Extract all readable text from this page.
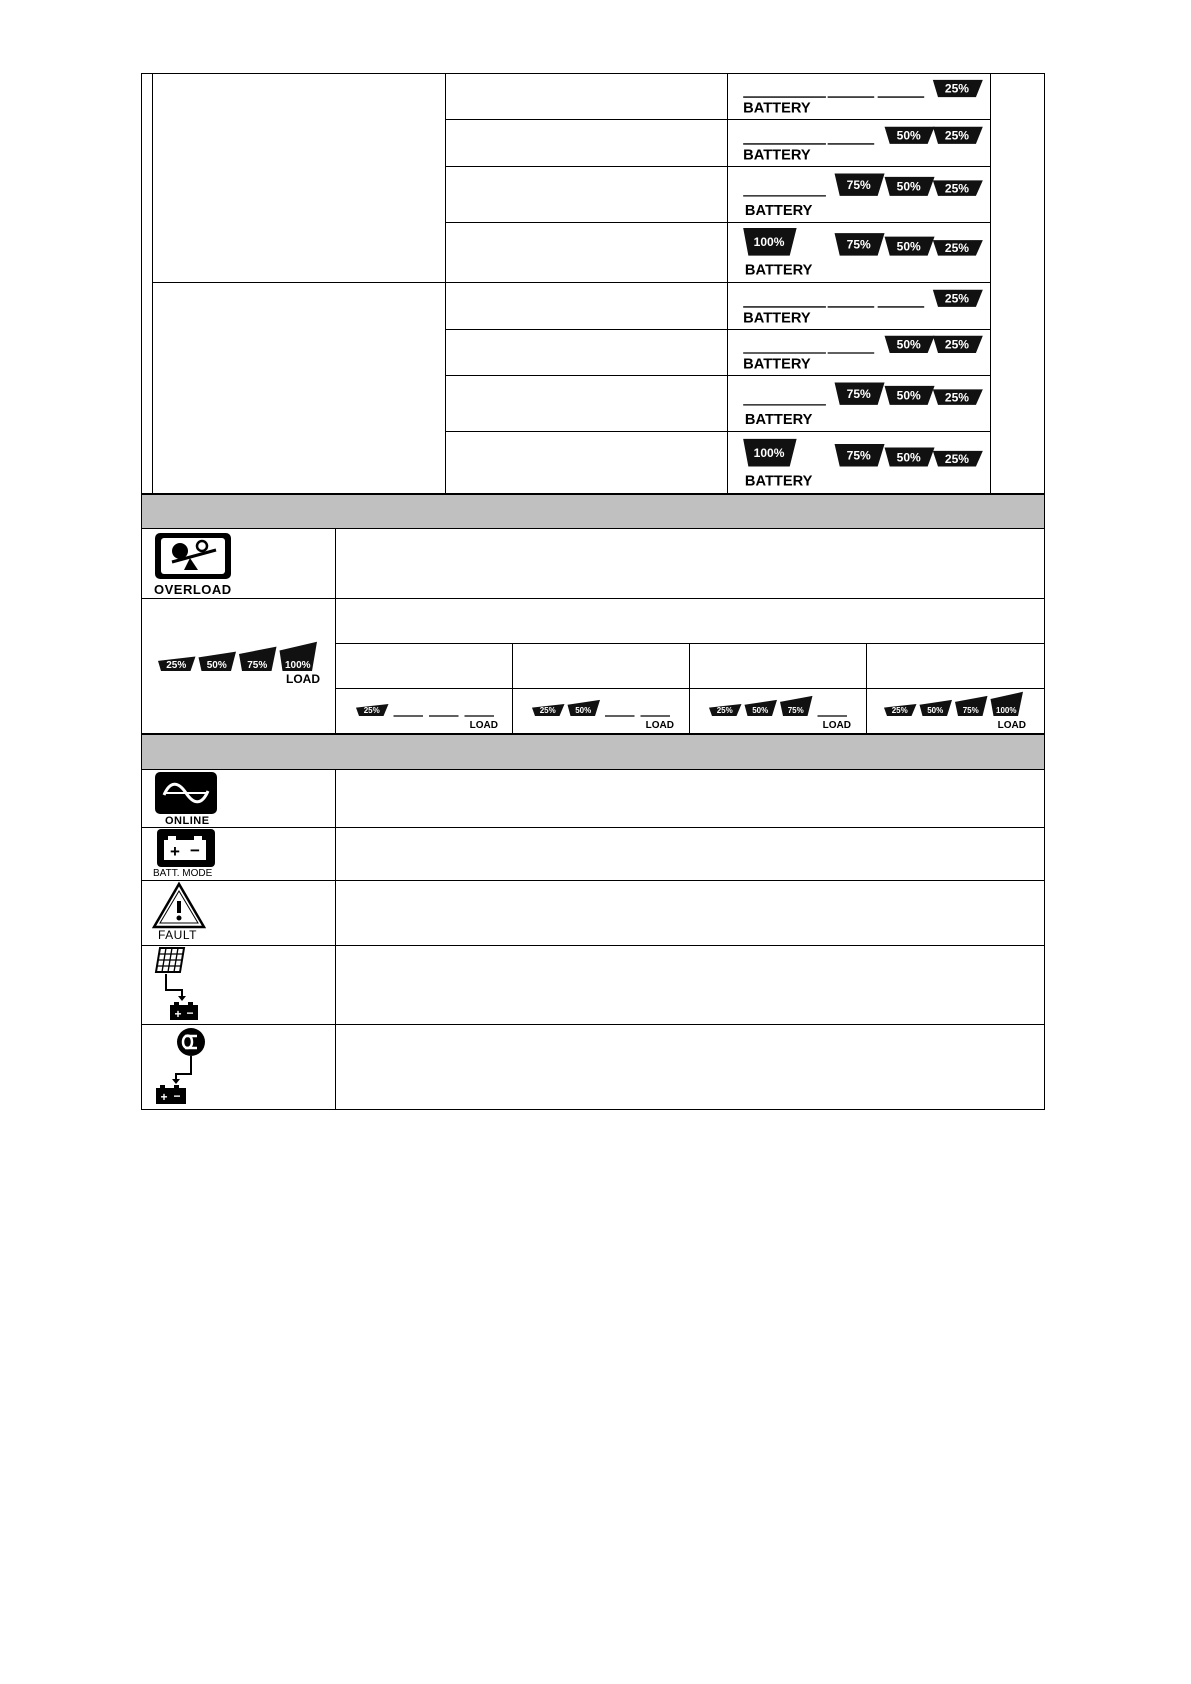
25%
BATTERY
50% 25%
BATTERY
75% 50% 25%
BATTERY
100%	75% 50% 25%
BATTERY
25%
BATTERY
50% 25%
BATTERY
75% 50% 25%
BATTERY
100%	75% 50% 25%
BATTERY
OVERLOAD
25% 50% 75% 100%
LOAD
25%
LOAD
25% 50%
LOAD
25% 50% 75%
LOAD
25% 50% 75% 100%
LOAD
ONLINE
+ −
BATT. MODE
FAULT
+ −
+ −
